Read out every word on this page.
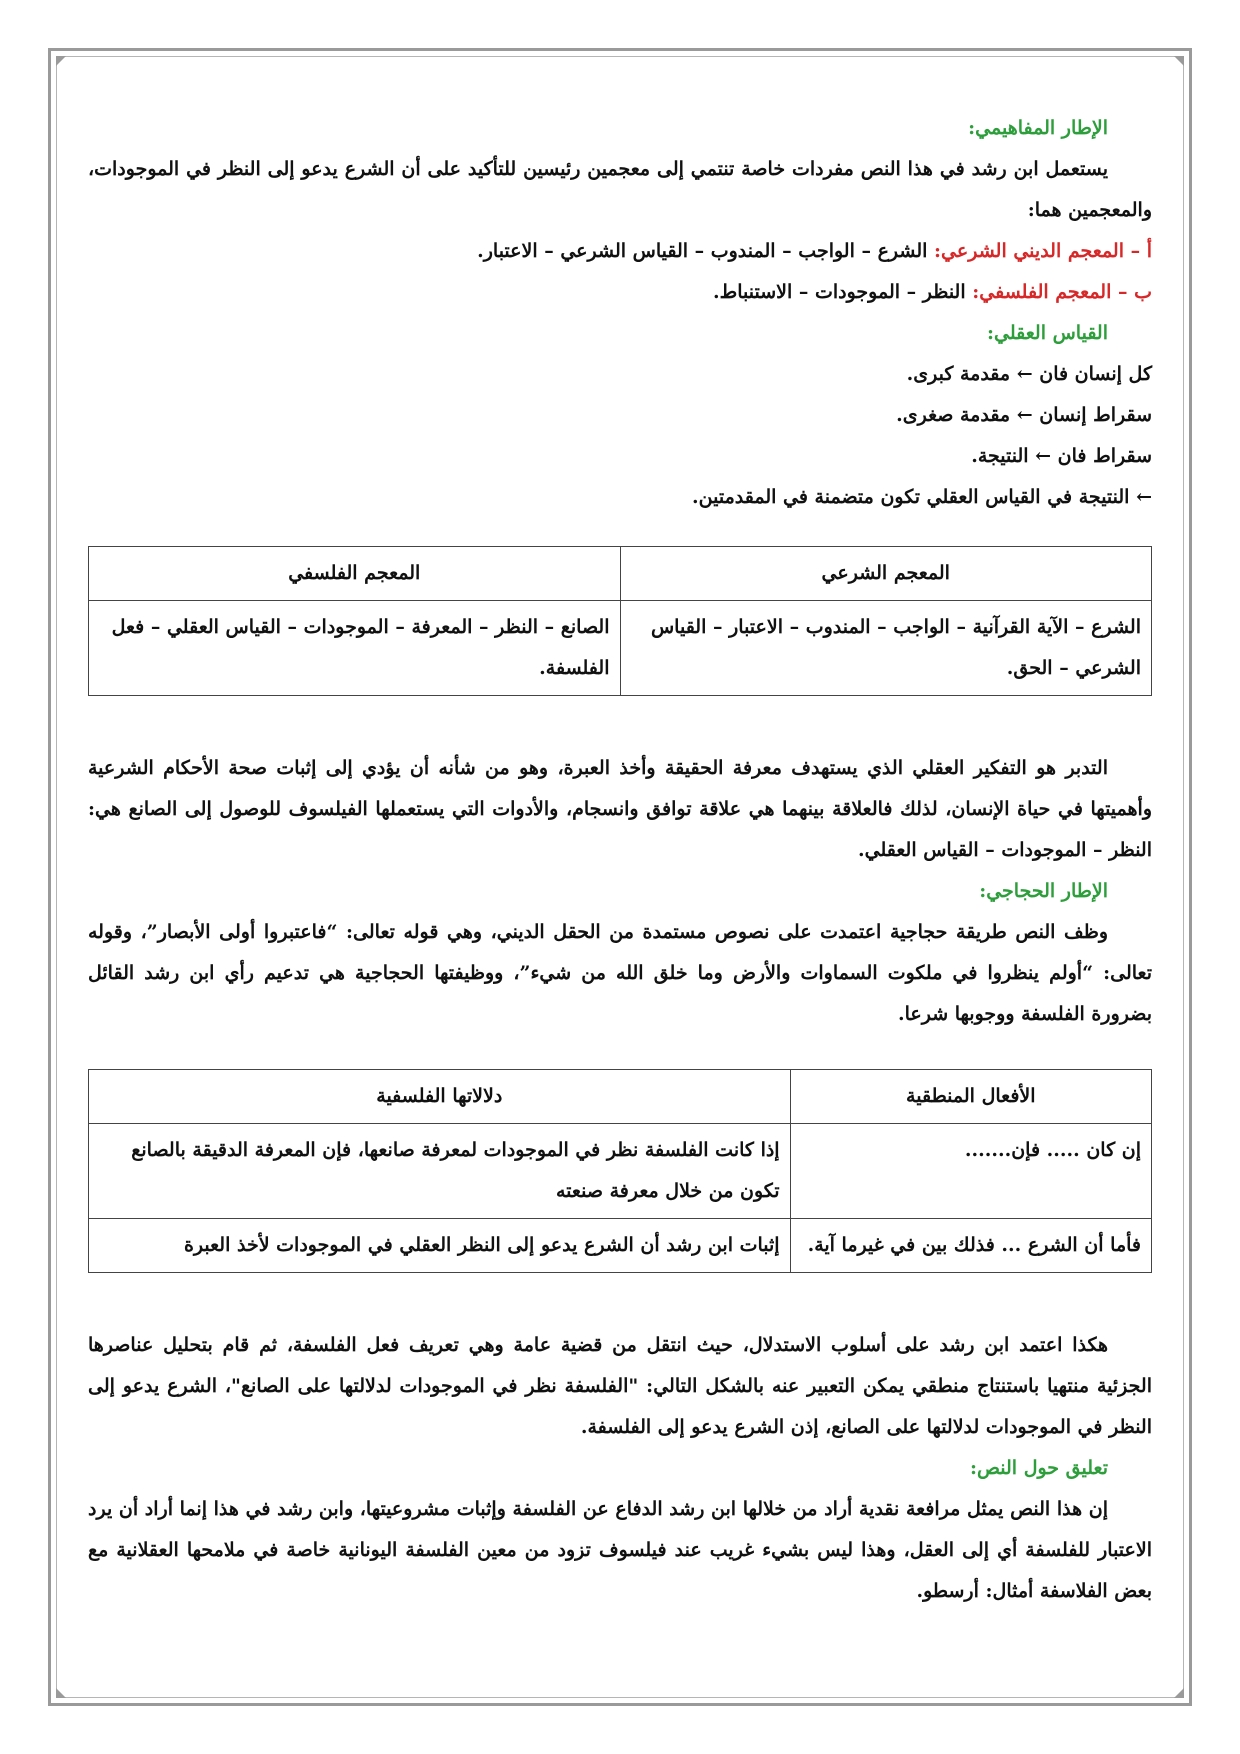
الإطار المفاهيمي:

يستعمل ابن رشد في هذا النص مفردات خاصة تنتمي إلى معجمين رئيسين للتأكيد على أن الشرع يدعو إلى النظر في الموجودات، والمعجمين هما:

أ – المعجم الديني الشرعي: الشرع – الواجب – المندوب – القياس الشرعي – الاعتبار.

ب – المعجم الفلسفي: النظر – الموجودات – الاستنباط.

القياس العقلي:

كل إنسان فان ← مقدمة كبرى.

سقراط إنسان ← مقدمة صغرى.

سقراط فان ← النتيجة.

← النتيجة في القياس العقلي تكون متضمنة في المقدمتين.

المعجم الشرعي	المعجم الفلسفي
الشرع – الآية القرآنية – الواجب – المندوب – الاعتبار – القياس الشرعي – الحق.	الصانع – النظر – المعرفة – الموجودات – القياس العقلي – فعل الفلسفة.

التدبر هو التفكير العقلي الذي يستهدف معرفة الحقيقة وأخذ العبرة، وهو من شأنه أن يؤدي إلى إثبات صحة الأحكام الشرعية وأهميتها في حياة الإنسان، لذلك فالعلاقة بينهما هي علاقة توافق وانسجام، والأدوات التي يستعملها الفيلسوف للوصول إلى الصانع هي: النظر – الموجودات – القياس العقلي.

الإطار الحجاجي:

وظف النص طريقة حجاجية اعتمدت على نصوص مستمدة من الحقل الديني، وهي قوله تعالى: “فاعتبروا أولى الأبصار”، وقوله تعالى: “أولم ينظروا في ملكوت السماوات والأرض وما خلق الله من شيء”، ووظيفتها الحجاجية هي تدعيم رأي ابن رشد القائل بضرورة الفلسفة ووجوبها شرعا.

الأفعال المنطقية	دلالاتها الفلسفية
إن كان ..... فإن.......	إذا كانت الفلسفة نظر في الموجودات لمعرفة صانعها، فإن المعرفة الدقيقة بالصانع تكون من خلال معرفة صنعته
فأما أن الشرع ... فذلك بين في غيرما آية.	إثبات ابن رشد أن الشرع يدعو إلى النظر العقلي في الموجودات لأخذ العبرة

هكذا اعتمد ابن رشد على أسلوب الاستدلال، حيث انتقل من قضية عامة وهي تعريف فعل الفلسفة، ثم قام بتحليل عناصرها الجزئية منتهيا باستنتاج منطقي يمكن التعبير عنه بالشكل التالي: "الفلسفة نظر في الموجودات لدلالتها على الصانع"، الشرع يدعو إلى النظر في الموجودات لدلالتها على الصانع، إذن الشرع يدعو إلى الفلسفة.

تعليق حول النص:

إن هذا النص يمثل مرافعة نقدية أراد من خلالها ابن رشد الدفاع عن الفلسفة وإثبات مشروعيتها، وابن رشد في هذا إنما أراد أن يرد الاعتبار للفلسفة أي إلى العقل، وهذا ليس بشيء غريب عند فيلسوف تزود من معين الفلسفة اليونانية خاصة في ملامحها العقلانية مع بعض الفلاسفة أمثال: أرسطو.
